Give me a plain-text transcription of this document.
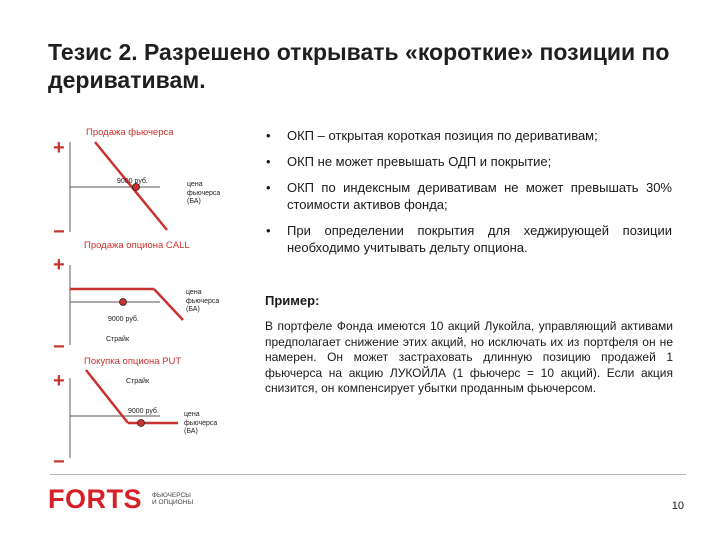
Тезис 2. Разрешено открывать «короткие» позиции по деривативам.
Продажа фьючерса
+
−
9000 руб.	цена фьючерса (БА)
Продажа опциона CALL
+
−
9000 руб.
цена фьючерса (БА)
Страйк
Покупка опциона PUT
+
−
Страйк
9000 руб.	цена фьючерса (БА)
• ОКП – открытая короткая позиция по деривативам;
• ОКП не может превышать ОДП и покрытие;
• ОКП по индексным деривативам не может превышать 30% стоимости активов фонда;
• При определении покрытия для хеджирующей позиции необходимо учитывать дельту опциона.
Пример:
В портфеле Фонда имеются 10 акций Лукойла, управляющий активами предполагает снижение этих акций, но исключать их из портфеля он не намерен. Он может застраховать длинную позицию продажей 1 фьючерса на акцию ЛУКОЙЛА (1 фьючерс = 10 акций). Если акция снизится, он компенсирует убытки проданным фьючерсом.
FORTS ФЬЮЧЕРСЫ
И ОПЦИОНЫ	10
